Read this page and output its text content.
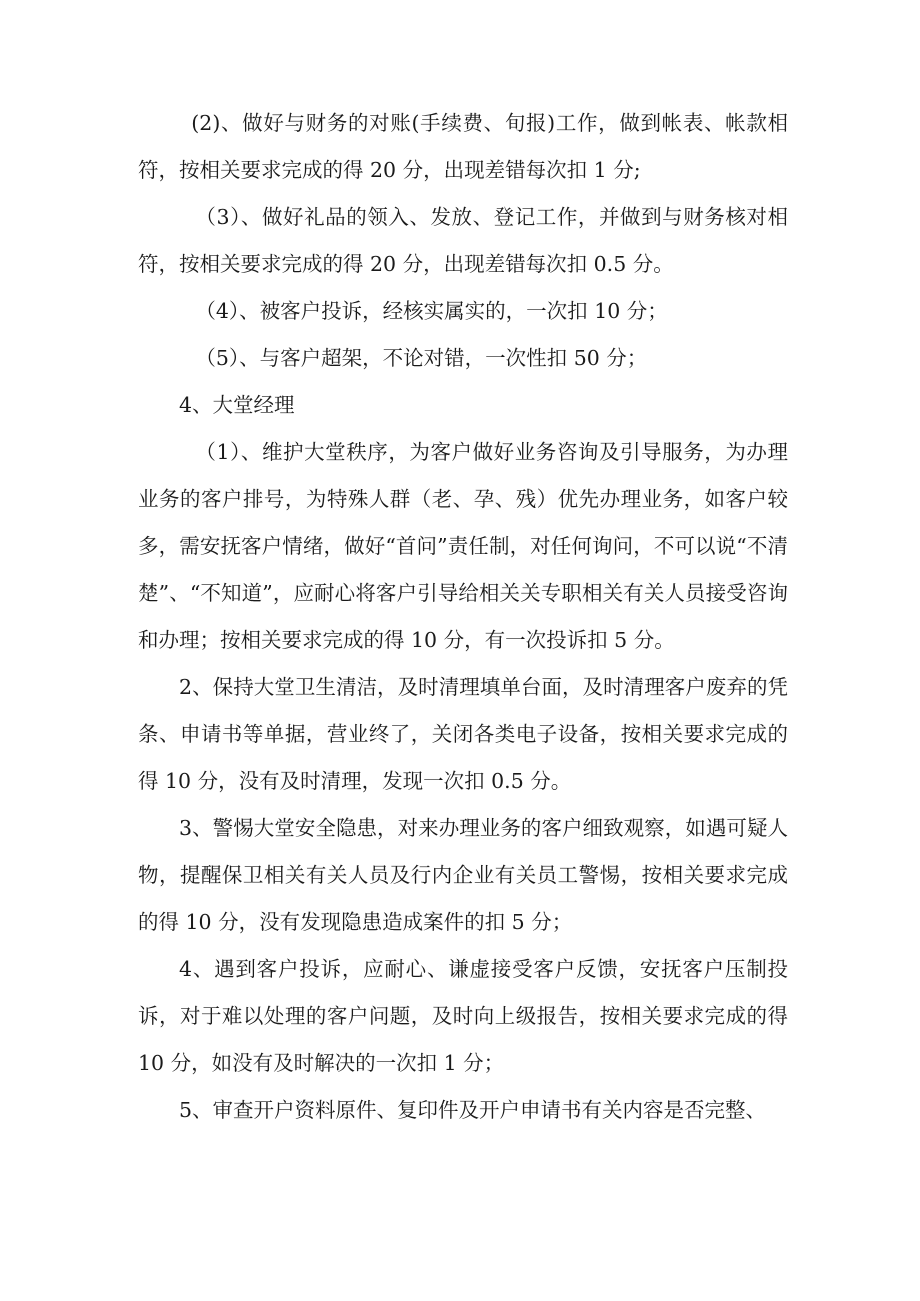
(2)、做好与财务的对账(手续费、旬报)工作，做到帐表、帐款相符，按相关要求完成的得 20 分，出现差错每次扣 1 分;

（3）、做好礼品的领入、发放、登记工作，并做到与财务核对相符，按相关要求完成的得 20 分，出现差错每次扣 0.5 分。

（4）、被客户投诉，经核实属实的，一次扣 10 分；

（5）、与客户超架，不论对错，一次性扣 50 分；

4、大堂经理

（1）、维护大堂秩序，为客户做好业务咨询及引导服务，为办理业务的客户排号，为特殊人群（老、孕、残）优先办理业务，如客户较多，需安抚客户情绪，做好“首问”责任制，对任何询问，不可以说“不清楚”、“不知道”，应耐心将客户引导给相关关专职相关有关人员接受咨询和办理；按相关要求完成的得 10 分，有一次投诉扣 5 分。

2、保持大堂卫生清洁，及时清理填单台面，及时清理客户废弃的凭条、申请书等单据，营业终了，关闭各类电子设备，按相关要求完成的得 10 分，没有及时清理，发现一次扣 0.5 分。

3、警惕大堂安全隐患，对来办理业务的客户细致观察，如遇可疑人物，提醒保卫相关有关人员及行内企业有关员工警惕，按相关要求完成的得 10 分，没有发现隐患造成案件的扣 5 分；

4、遇到客户投诉，应耐心、谦虚接受客户反馈，安抚客户压制投诉，对于难以处理的客户问题，及时向上级报告，按相关要求完成的得 10 分，如没有及时解决的一次扣 1 分；

5、审查开户资料原件、复印件及开户申请书有关内容是否完整、
